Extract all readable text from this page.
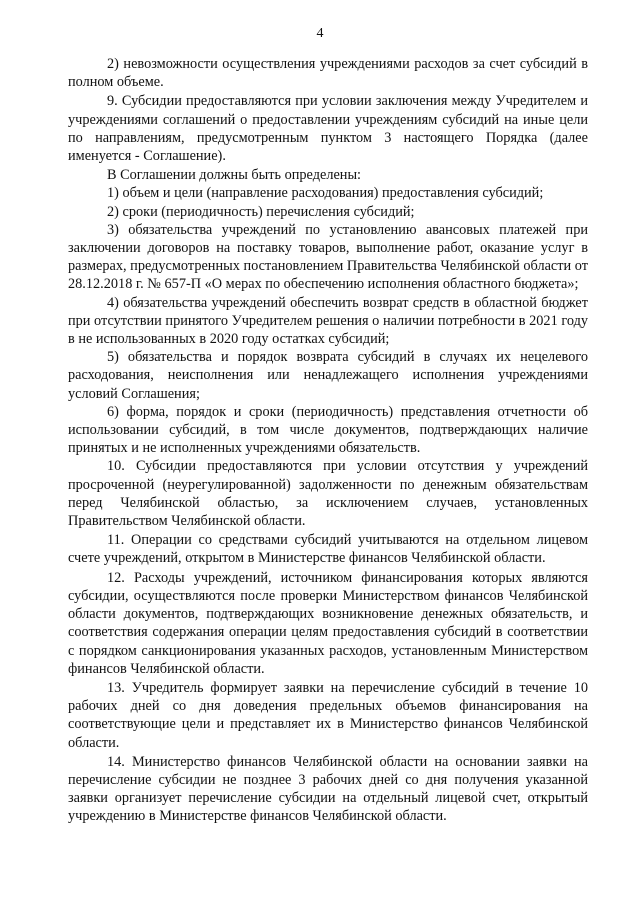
4

2) невозможности осуществления учреждениями расходов за счет субсидий в полном объеме.

9. Субсидии предоставляются при условии заключения между Учредителем и учреждениями соглашений о предоставлении учреждениям субсидий на иные цели по направлениям, предусмотренным пунктом 3 настоящего Порядка (далее именуется - Соглашение).

В Соглашении должны быть определены:

1) объем и цели (направление расходования) предоставления субсидий;

2) сроки (периодичность) перечисления субсидий;

3) обязательства учреждений по установлению авансовых платежей при заключении договоров на поставку товаров, выполнение работ, оказание услуг в размерах, предусмотренных постановлением Правительства Челябинской области от 28.12.2018 г. № 657-П «О мерах по обеспечению исполнения областного бюджета»;

4) обязательства учреждений обеспечить возврат средств в областной бюджет при отсутствии принятого Учредителем решения о наличии потребности в 2021 году в не использованных в 2020 году остатках субсидий;

5) обязательства и порядок возврата субсидий в случаях их нецелевого расходования, неисполнения или ненадлежащего исполнения учреждениями условий Соглашения;

6) форма, порядок и сроки (периодичность) представления отчетности об использовании субсидий, в том числе документов, подтверждающих наличие принятых и не исполненных учреждениями обязательств.

10. Субсидии предоставляются при условии отсутствия у учреждений просроченной (неурегулированной) задолженности по денежным обязательствам перед Челябинской областью, за исключением случаев, установленных Правительством Челябинской области.

11. Операции со средствами субсидий учитываются на отдельном лицевом счете учреждений, открытом в Министерстве финансов Челябинской области.

12. Расходы учреждений, источником финансирования которых являются субсидии, осуществляются после проверки Министерством финансов Челябинской области документов, подтверждающих возникновение денежных обязательств, и соответствия содержания операции целям предоставления субсидий в соответствии с порядком санкционирования указанных расходов, установленным Министерством финансов Челябинской области.

13. Учредитель формирует заявки на перечисление субсидий в течение 10 рабочих дней со дня доведения предельных объемов финансирования на соответствующие цели и представляет их в Министерство финансов Челябинской области.

14. Министерство финансов Челябинской области на основании заявки на перечисление субсидии не позднее 3 рабочих дней со дня получения указанной заявки организует перечисление субсидии на отдельный лицевой счет, открытый учреждению в Министерстве финансов Челябинской области.
